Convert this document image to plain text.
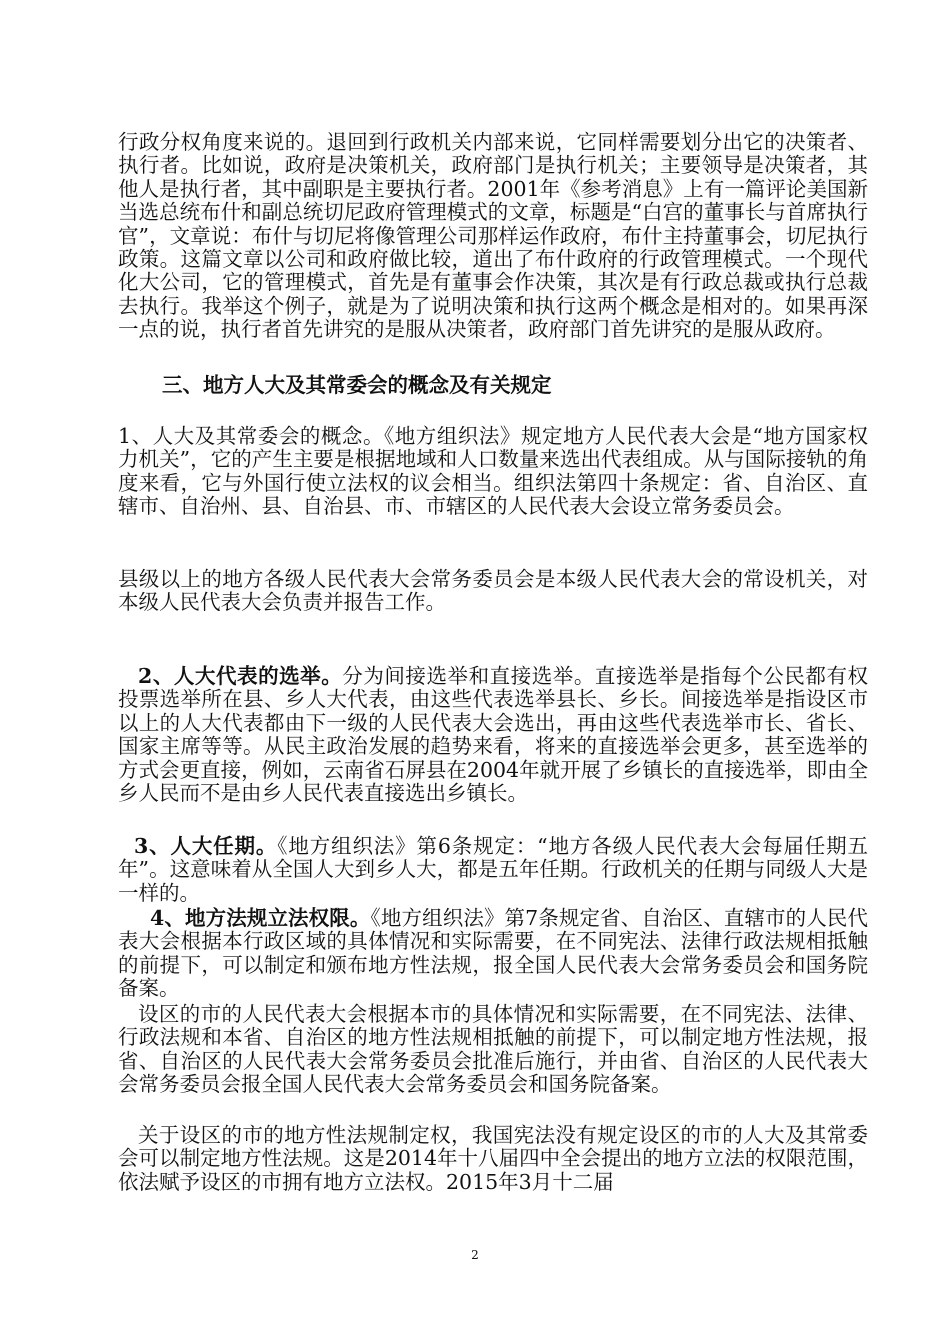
行政分权角度来说的。退回到行政机关内部来说，它同样需要划分出它的决策者、执行者。比如说，政府是决策机关，政府部门是执行机关；主要领导是决策者，其他人是执行者，其中副职是主要执行者。2001年《参考消息》上有一篇评论美国新当选总统布什和副总统切尼政府管理模式的文章，标题是“白宫的董事长与首席执行官”，文章说：布什与切尼将像管理公司那样运作政府，布什主持董事会，切尼执行政策。这篇文章以公司和政府做比较，道出了布什政府的行政管理模式。一个现代化大公司，它的管理模式，首先是有董事会作决策，其次是有行政总裁或执行总裁去执行。我举这个例子，就是为了说明决策和执行这两个概念是相对的。如果再深一点的说，执行者首先讲究的是服从决策者，政府部门首先讲究的是服从政府。

三、地方人大及其常委会的概念及有关规定

1、人大及其常委会的概念。《地方组织法》规定地方人民代表大会是“地方国家权力机关”，它的产生主要是根据地域和人口数量来选出代表组成。从与国际接轨的角度来看，它与外国行使立法权的议会相当。组织法第四十条规定：省、自治区、直辖市、自治州、县、自治县、市、市辖区的人民代表大会设立常务委员会。

县级以上的地方各级人民代表大会常务委员会是本级人民代表大会的常设机关，对本级人民代表大会负责并报告工作。

2、人大代表的选举。分为间接选举和直接选举。直接选举是指每个公民都有权投票选举所在县、乡人大代表，由这些代表选举县长、乡长。间接选举是指设区市以上的人大代表都由下一级的人民代表大会选出，再由这些代表选举市长、省长、国家主席等等。从民主政治发展的趋势来看，将来的直接选举会更多，甚至选举的方式会更直接，例如，云南省石屏县在2004年就开展了乡镇长的直接选举，即由全乡人民而不是由乡人民代表直接选出乡镇长。

3、人大任期。《地方组织法》第6条规定：“地方各级人民代表大会每届任期五年”。这意味着从全国人大到乡人大，都是五年任期。行政机关的任期与同级人大是一样的。

4、地方法规立法权限。《地方组织法》第7条规定省、自治区、直辖市的人民代表大会根据本行政区域的具体情况和实际需要，在不同宪法、法律行政法规相抵触的前提下，可以制定和颁布地方性法规，报全国人民代表大会常务委员会和国务院备案。

设区的市的人民代表大会根据本市的具体情况和实际需要，在不同宪法、法律、行政法规和本省、自治区的地方性法规相抵触的前提下，可以制定地方性法规，报省、自治区的人民代表大会常务委员会批准后施行，并由省、自治区的人民代表大会常务委员会报全国人民代表大会常务委员会和国务院备案。

关于设区的市的地方性法规制定权，我国宪法没有规定设区的市的人大及其常委会可以制定地方性法规。这是2014年十八届四中全会提出的地方立法的权限范围，依法赋予设区的市拥有地方立法权。2015年3月十二届

2
